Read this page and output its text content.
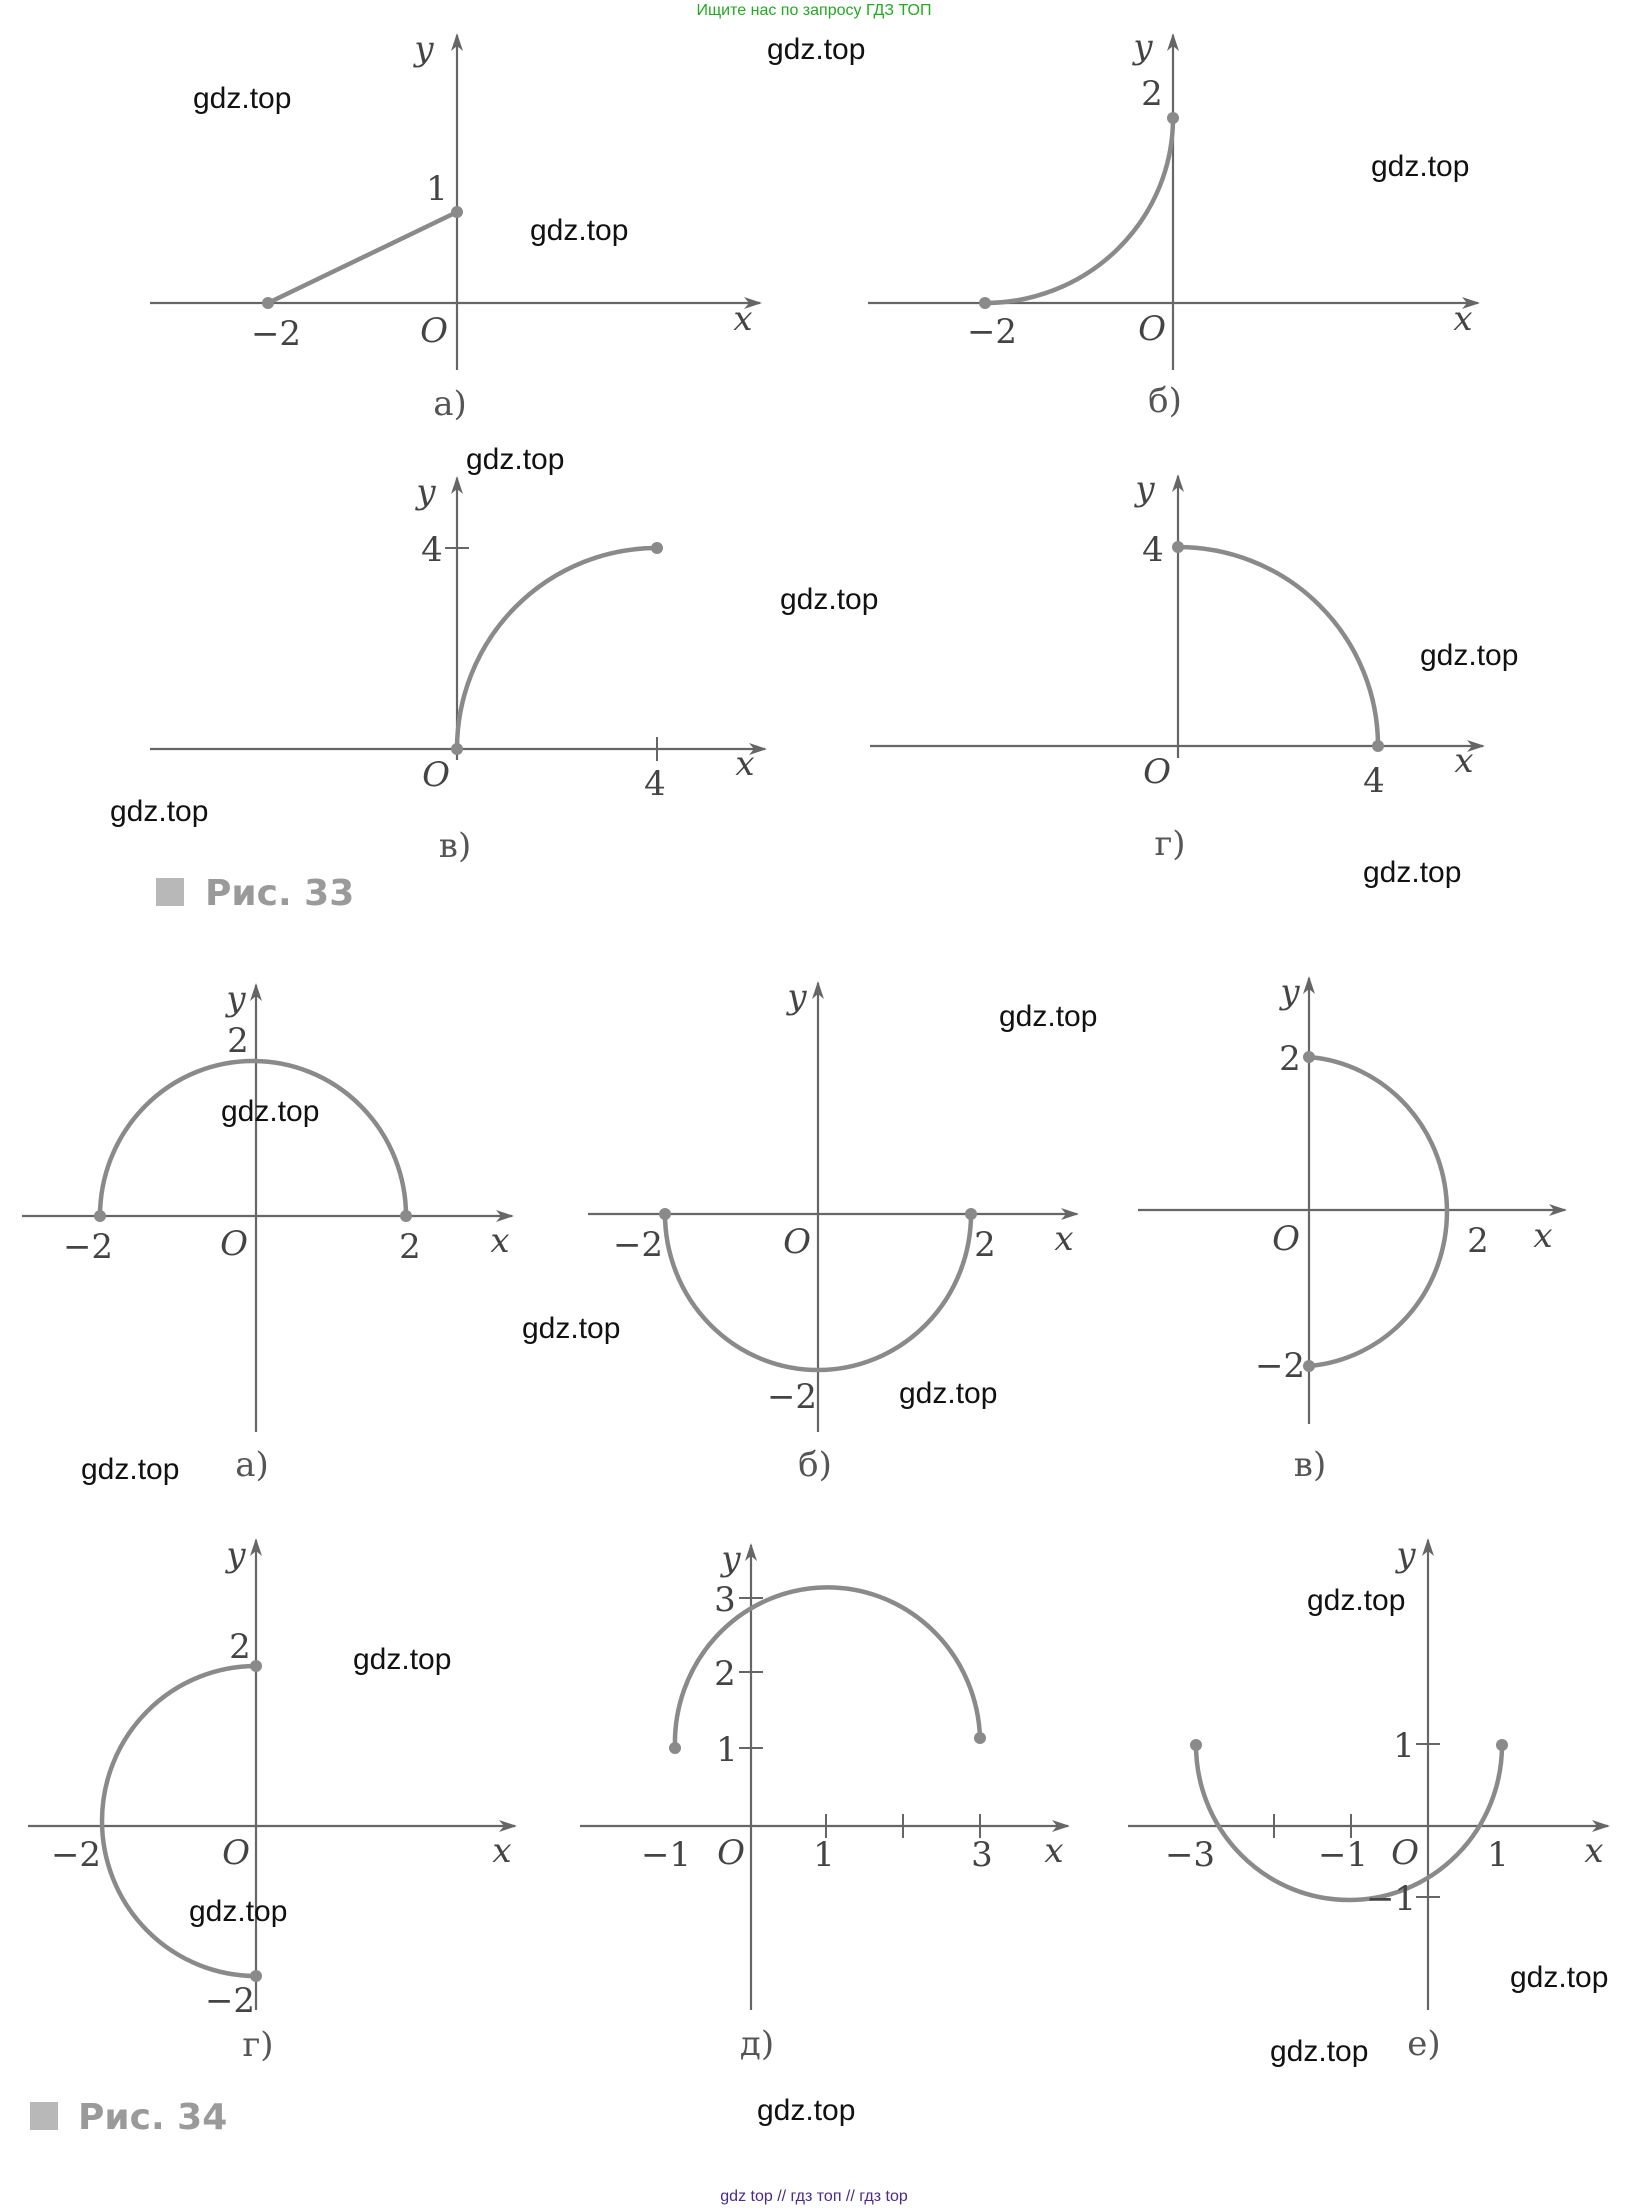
Ищите нас по запросу ГДЗ ТОП
gdz top // гдз топ // гдз top
−2
1
O	x
y
а)
−2
2
O	x
y
б)
4
4
O	x
y
в)
4
4
O	x
y
г)
Рис. 33
−2	2
2
O	x
y
а)
−2	2
−2
O	x
y
б)
2
2
−2
O	x
y
в)
−2
2
−2
O	x
y
г)
−1	1	3
1
2
3
O	x
y
д)
−3	−1	1
1
−1
O	x
y
е)
Рис. 34
gdz.top
gdz.top
gdz.top
gdz.top
gdz.top
gdz.top
gdz.top
gdz.top
gdz.top
gdz.top
gdz.top
gdz.top
gdz.top
gdz.top
gdz.top
gdz.top
gdz.top
gdz.top
gdz.top
gdz.top
